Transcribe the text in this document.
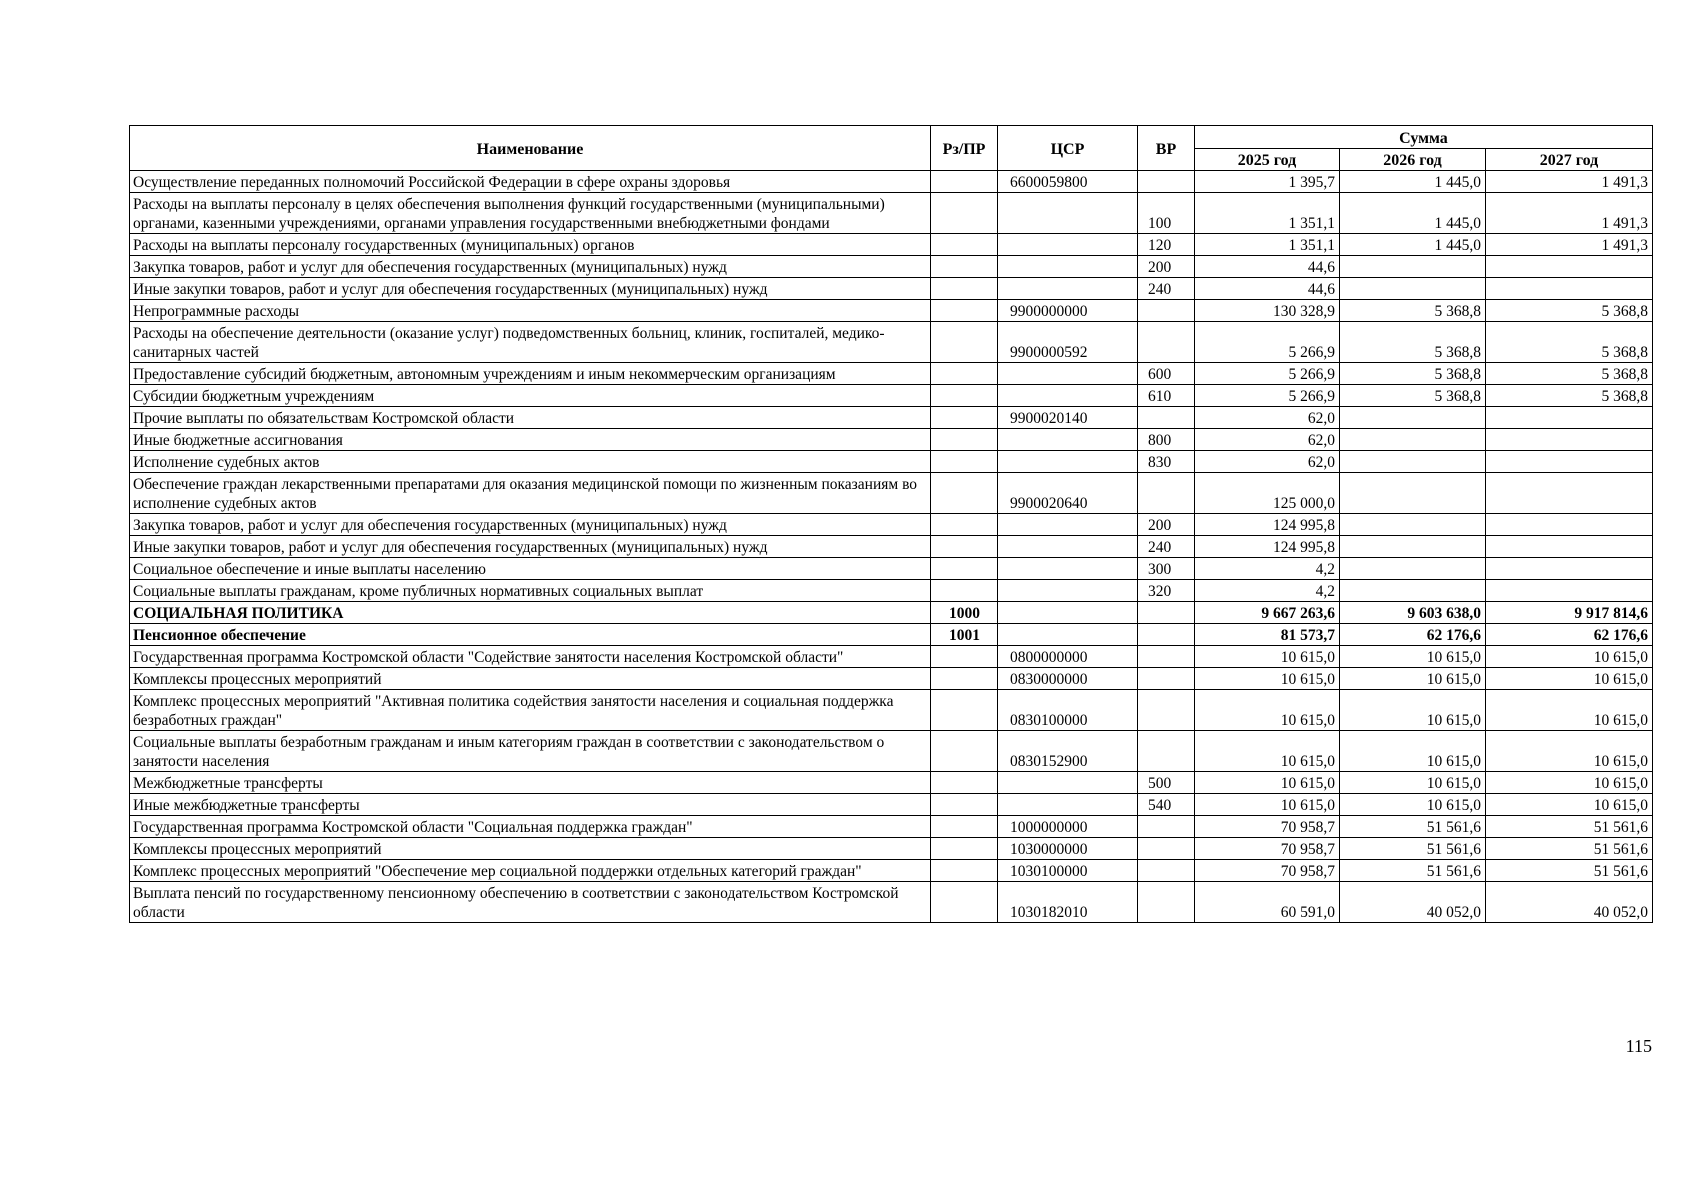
Наименование	Рз/ПР	ЦСР	ВР	Сумма		
				2025 год	2026 год	2027 год
Осуществление переданных полномочий Российской Федерации в сфере охраны здоровья		6600059800		1 395,7	1 445,0	1 491,3
Расходы на выплаты персоналу в целях обеспечения выполнения функций государственными (муниципальными) органами, казенными учреждениями, органами управления государственными внебюджетными фондами			100	1 351,1	1 445,0	1 491,3
Расходы на выплаты персоналу государственных (муниципальных) органов			120	1 351,1	1 445,0	1 491,3
Закупка товаров, работ и услуг для обеспечения государственных (муниципальных) нужд			200	44,6		
Иные закупки товаров, работ и услуг для обеспечения государственных (муниципальных) нужд			240	44,6		
Непрограммные расходы		9900000000		130 328,9	5 368,8	5 368,8
Расходы на обеспечение деятельности (оказание услуг) подведомственных больниц, клиник, госпиталей, медико-санитарных частей		9900000592		5 266,9	5 368,8	5 368,8
Предоставление субсидий бюджетным, автономным учреждениям и иным некоммерческим организациям			600	5 266,9	5 368,8	5 368,8
Субсидии бюджетным учреждениям			610	5 266,9	5 368,8	5 368,8
Прочие выплаты по обязательствам Костромской области		9900020140		62,0		
Иные бюджетные ассигнования			800	62,0		
Исполнение судебных актов			830	62,0		
Обеспечение граждан лекарственными препаратами для оказания медицинской помощи по жизненным показаниям во исполнение судебных актов		9900020640		125 000,0		
Закупка товаров, работ и услуг для обеспечения государственных (муниципальных) нужд			200	124 995,8		
Иные закупки товаров, работ и услуг для обеспечения государственных (муниципальных) нужд			240	124 995,8		
Социальное обеспечение и иные выплаты населению			300	4,2		
Социальные выплаты гражданам, кроме публичных нормативных социальных выплат			320	4,2		
СОЦИАЛЬНАЯ ПОЛИТИКА	1000			9 667 263,6	9 603 638,0	9 917 814,6
Пенсионное обеспечение	1001			81 573,7	62 176,6	62 176,6
Государственная программа Костромской области "Содействие занятости населения Костромской области"		0800000000		10 615,0	10 615,0	10 615,0
Комплексы процессных мероприятий		0830000000		10 615,0	10 615,0	10 615,0
Комплекс процессных мероприятий "Активная политика содействия занятости населения и социальная поддержка безработных граждан"		0830100000		10 615,0	10 615,0	10 615,0
Социальные выплаты безработным гражданам и иным категориям граждан в соответствии с законодательством о занятости населения		0830152900		10 615,0	10 615,0	10 615,0
Межбюджетные трансферты			500	10 615,0	10 615,0	10 615,0
Иные межбюджетные трансферты			540	10 615,0	10 615,0	10 615,0
Государственная программа Костромской области "Социальная поддержка граждан"		1000000000		70 958,7	51 561,6	51 561,6
Комплексы процессных мероприятий		1030000000		70 958,7	51 561,6	51 561,6
Комплекс процессных мероприятий "Обеспечение мер социальной поддержки отдельных категорий граждан"		1030100000		70 958,7	51 561,6	51 561,6
Выплата пенсий по государственному пенсионному обеспечению в соответствии с законодательством Костромской области		1030182010		60 591,0	40 052,0	40 052,0
115
